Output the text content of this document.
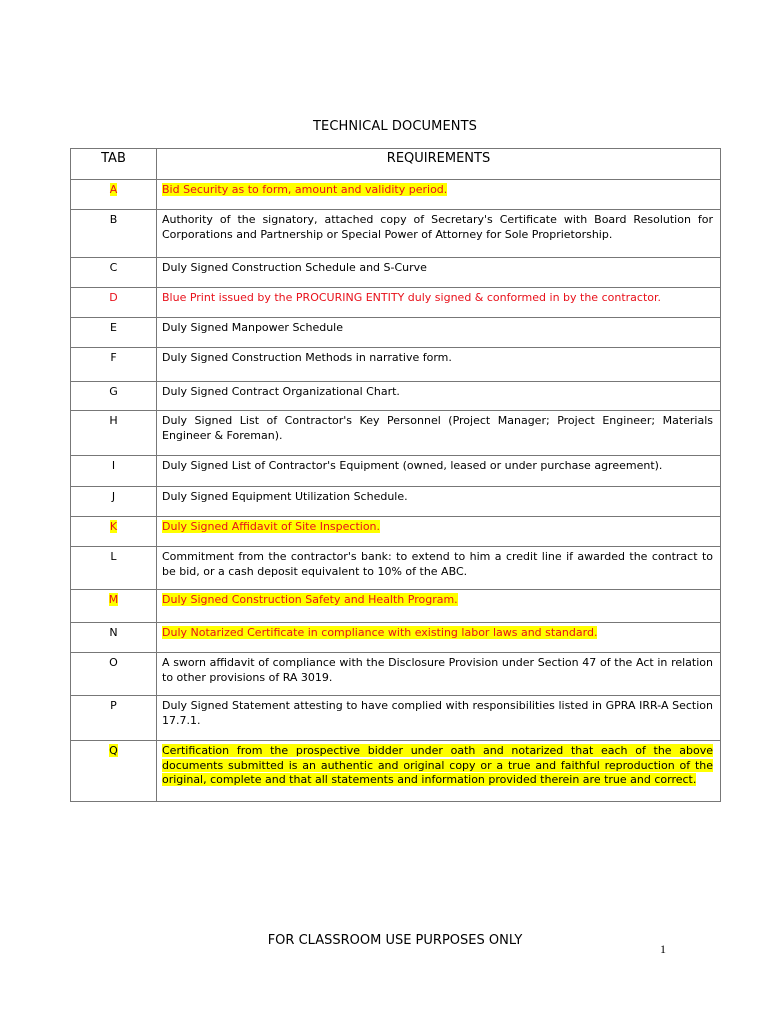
TECHNICAL DOCUMENTS
TAB	REQUIREMENTS
A	Bid Security as to form, amount and validity period.
B	Authority of the signatory, attached copy of Secretary's Certificate with Board Resolution for Corporations and Partnership or Special Power of Attorney for Sole Proprietorship.
C	Duly Signed Construction Schedule and S-Curve
D	Blue Print issued by the PROCURING ENTITY duly signed & conformed in by the contractor.
E	Duly Signed Manpower Schedule
F	Duly Signed Construction Methods in narrative form.
G	Duly Signed Contract Organizational Chart.
H	Duly Signed List of Contractor's Key Personnel (Project Manager; Project Engineer; Materials Engineer & Foreman).
I	Duly Signed List of Contractor's Equipment (owned, leased or under purchase agreement).
J	Duly Signed Equipment Utilization Schedule.
K	Duly Signed Affidavit of Site Inspection.
L	Commitment from the contractor's bank: to extend to him a credit line if awarded the contract to be bid, or a cash deposit equivalent to 10% of the ABC.
M	Duly Signed Construction Safety and Health Program.
N	Duly Notarized Certificate in compliance with existing labor laws and standard.
O	A sworn affidavit of compliance with the Disclosure Provision under Section 47 of the Act in relation to other provisions of RA 3019.
P	Duly Signed Statement attesting to have complied with responsibilities listed in GPRA IRR-A Section 17.7.1.
Q	Certification from the prospective bidder under oath and notarized that each of the above documents submitted is an authentic and original copy or a true and faithful reproduction of the original, complete and that all statements and information provided therein are true and correct.
FOR CLASSROOM USE PURPOSES ONLY
1
